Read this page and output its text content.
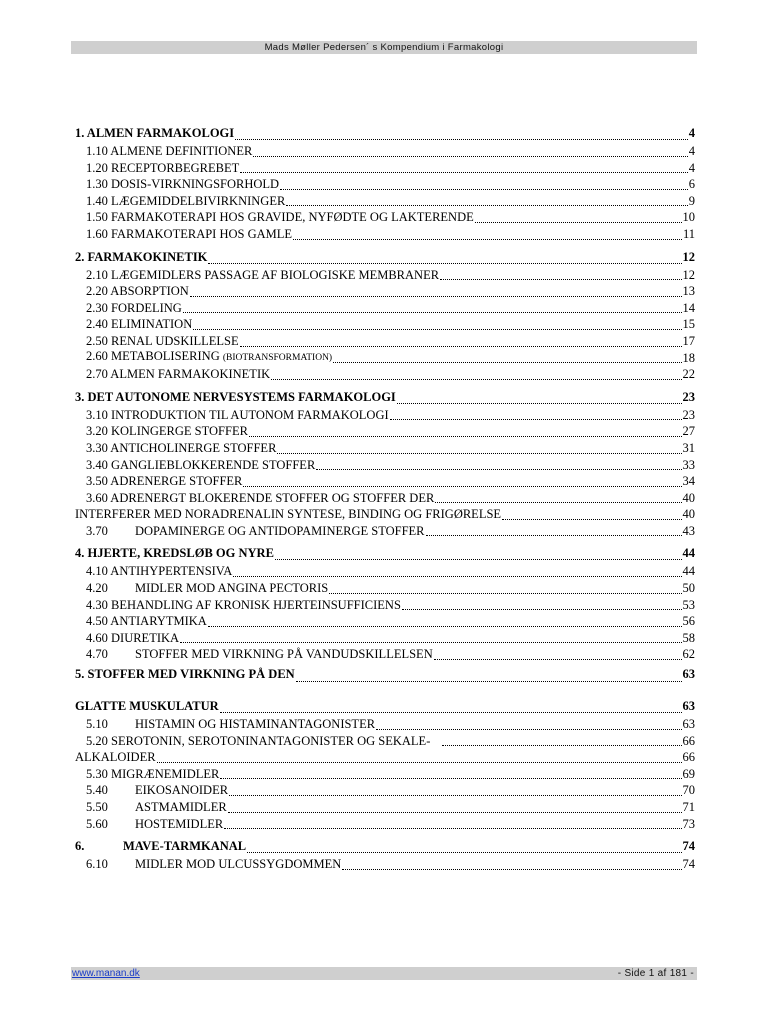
Mads Møller Pedersen´ s Kompendium i Farmakologi
1. ALMEN FARMAKOLOGI	4
1.10 ALMENE DEFINITIONER	4
1.20 RECEPTORBEGREBET	4
1.30 DOSIS-VIRKNINGSFORHOLD	6
1.40 LÆGEMIDDELBIVIRKNINGER	9
1.50 FARMAKOTERAPI HOS GRAVIDE, NYFØDTE OG LAKTERENDE	10
1.60 FARMAKOTERAPI HOS GAMLE	11
2. FARMAKOKINETIK	12
2.10 LÆGEMIDLERS PASSAGE AF BIOLOGISKE MEMBRANER	12
2.20 ABSORPTION	13
2.30 FORDELING	14
2.40 ELIMINATION	15
2.50 RENAL UDSKILLELSE	17
2.60 METABOLISERING (BIOTRANSFORMATION)	18
2.70 ALMEN FARMAKOKINETIK	22
3. DET AUTONOME NERVESYSTEMS FARMAKOLOGI	23
3.10 INTRODUKTION TIL AUTONOM FARMAKOLOGI	23
3.20 KOLINGERGE STOFFER	27
3.30 ANTICHOLINERGE STOFFER	31
3.40 GANGLIEBLOKKERENDE STOFFER	33
3.50 ADRENERGE STOFFER	34
3.60 ADRENERGT BLOKERENDE STOFFER OG STOFFER DER	40
INTERFERER MED NORADRENALIN SYNTESE, BINDING OG FRIGØRELSE	40
3.70 DOPAMINERGE OG ANTIDOPAMINERGE STOFFER	43
4. HJERTE, KREDSLØB OG NYRE	44
4.10 ANTIHYPERTENSIVA	44
4.20 MIDLER MOD ANGINA PECTORIS	50
4.30 BEHANDLING AF KRONISK HJERTEINSUFFICIENS	53
4.50 ANTIARYTMIKA	56
4.60 DIURETIKA	58
4.70 STOFFER MED VIRKNING PÅ VANDUDSKILLELSEN	62
5. STOFFER MED VIRKNING PÅ DEN	63
GLATTE MUSKULATUR	63
5.10 HISTAMIN OG HISTAMINANTAGONISTER	63
5.20 SEROTONIN, SEROTONINANTAGONISTER OG SEKALE-	66
ALKALOIDER	66
5.30 MIGRÆNEMIDLER	69
5.40 EIKOSANOIDER	70
5.50 ASTMAMIDLER	71
5.60 HOSTEMIDLER	73
6.	MAVE-TARMKANAL	74
6.10 MIDLER MOD ULCUSSYGDOMMEN	74
www.manan.dk	- Side 1 af 181 -
